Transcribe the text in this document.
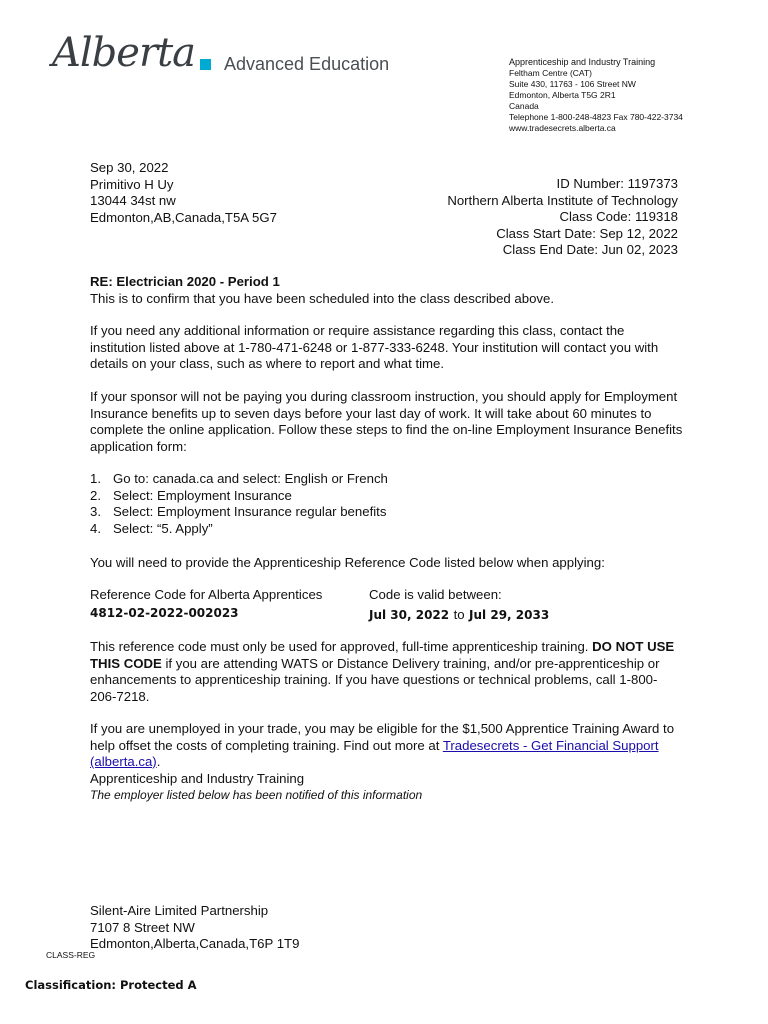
Alberta Advanced Education	Apprenticeship and Industry Training
Feltham Centre (CAT)
Suite 430, 11763 - 106 Street NW
Edmonton, Alberta T5G 2R1
Canada
Telephone 1-800-248-4823 Fax 780-422-3734
www.tradesecrets.alberta.ca
Sep 30, 2022
Primitivo H Uy
13044 34st nw
Edmonton,AB,Canada,T5A 5G7
ID Number: 1197373
Northern Alberta Institute of Technology
Class Code: 119318
Class Start Date: Sep 12, 2022
Class End Date: Jun 02, 2023
RE: Electrician 2020 - Period 1
This is to confirm that you have been scheduled into the class described above.
If you need any additional information or require assistance regarding this class, contact the
institution listed above at 1-780-471-6248 or 1-877-333-6248. Your institution will contact you with
details on your class, such as where to report and what time.
If your sponsor will not be paying you during classroom instruction, you should apply for Employment
Insurance benefits up to seven days before your last day of work. It will take about 60 minutes to
complete the online application. Follow these steps to find the on-line Employment Insurance Benefits
application form:
1. Go to: canada.ca and select: English or French
2. Select: Employment Insurance
3. Select: Employment Insurance regular benefits
4. Select: “5. Apply”
You will need to provide the Apprenticeship Reference Code listed below when applying:
Reference Code for Alberta Apprentices	Code is valid between:
4812-02-2022-002023	Jul 30, 2022 to Jul 29, 2033
This reference code must only be used for approved, full-time apprenticeship training. DO NOT USE
THIS CODE if you are attending WATS or Distance Delivery training, and/or pre-apprenticeship or
enhancements to apprenticeship training. If you have questions or technical problems, call 1-800-
206-7218.
If you are unemployed in your trade, you may be eligible for the $1,500 Apprentice Training Award to
help offset the costs of completing training. Find out more at Tradesecrets - Get Financial Support
(alberta.ca).
Apprenticeship and Industry Training
The employer listed below has been notified of this information
Silent-Aire Limited Partnership
7107 8 Street NW
Edmonton,Alberta,Canada,T6P 1T9
CLASS-REG
Classification: Protected A
